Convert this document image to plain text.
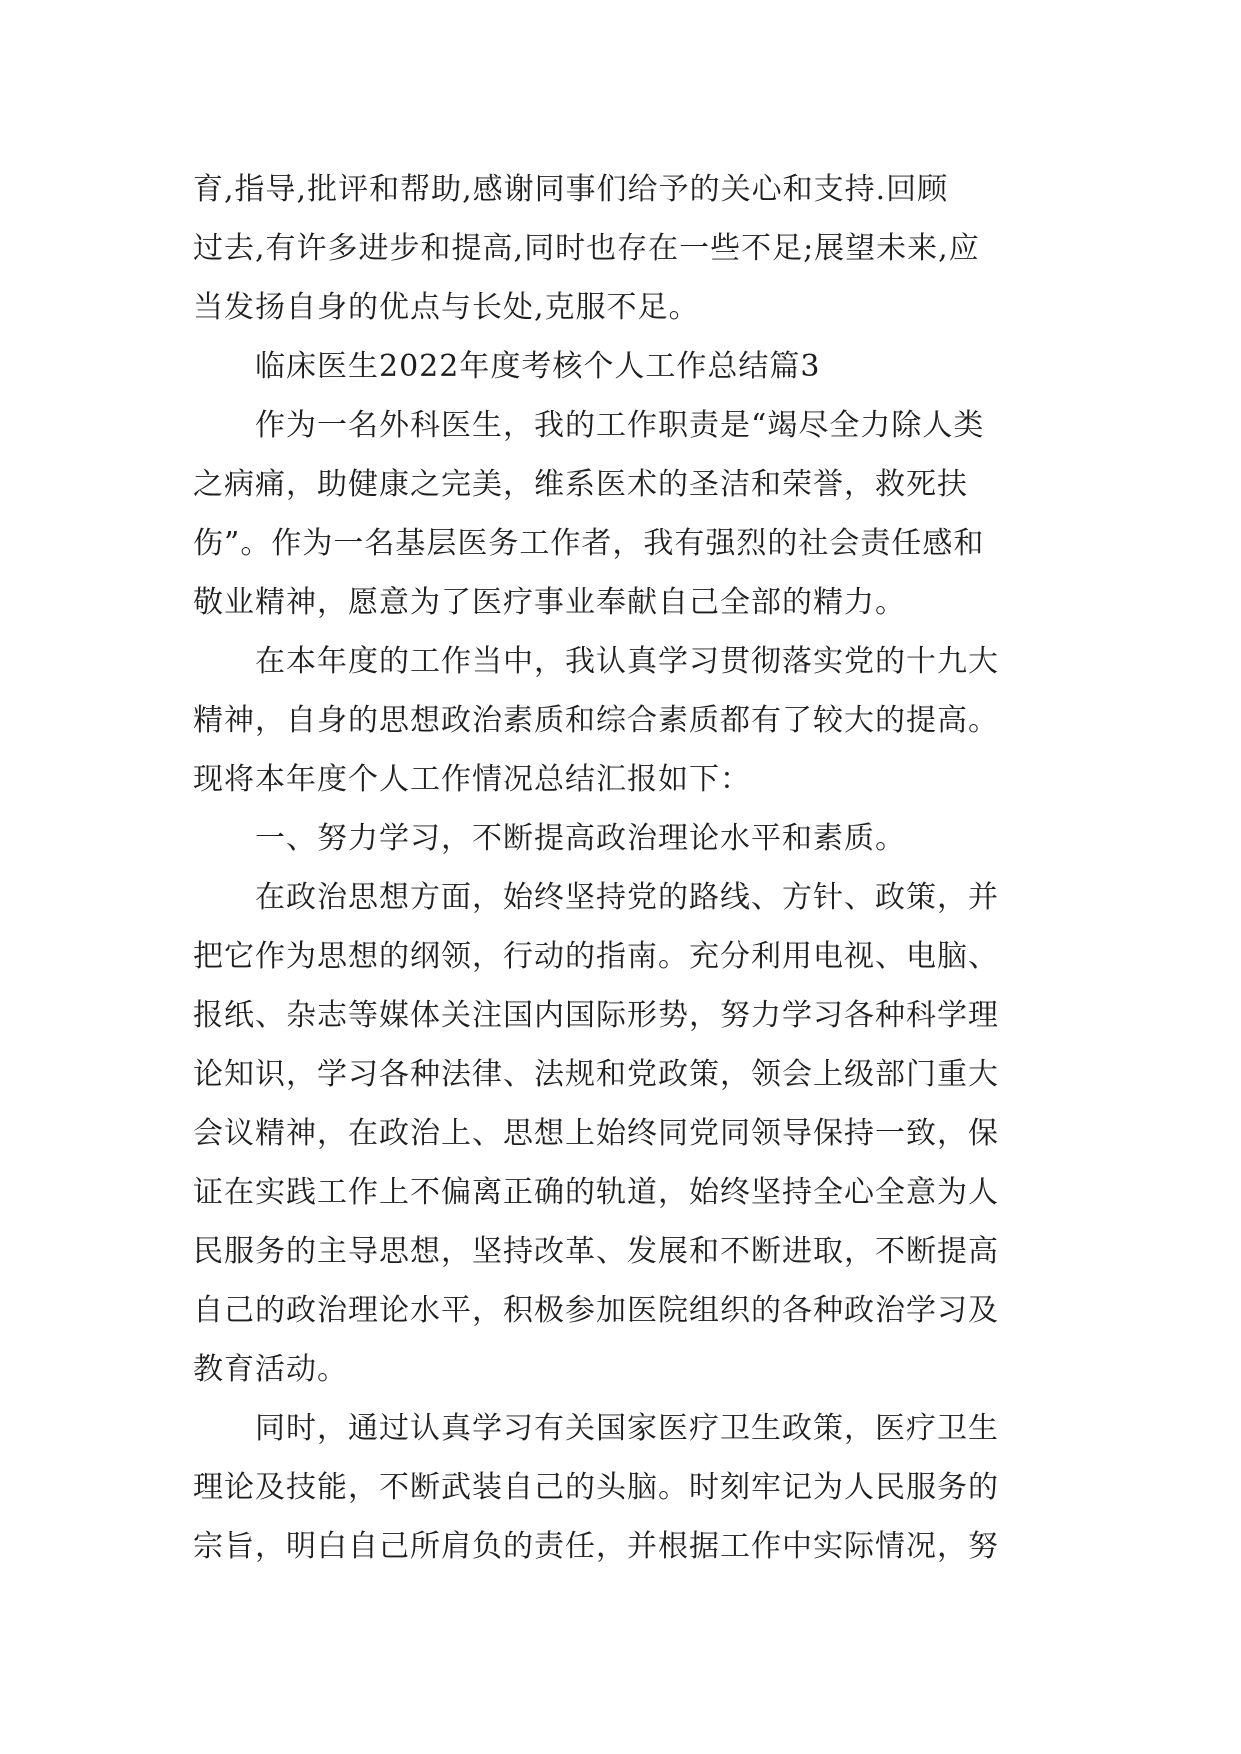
育,指导,批评和帮助,感谢同事们给予的关心和支持.回顾
过去,有许多进步和提高,同时也存在一些不足;展望未来,应
当发扬自身的优点与长处,克服不足。
临床医生2022年度考核个人工作总结篇3
作为一名外科医生，我的工作职责是“竭尽全力除人类
之病痛，助健康之完美，维系医术的圣洁和荣誉，救死扶
伤”。作为一名基层医务工作者，我有强烈的社会责任感和
敬业精神，愿意为了医疗事业奉献自己全部的精力。
在本年度的工作当中，我认真学习贯彻落实党的十九大
精神，自身的思想政治素质和综合素质都有了较大的提高。
现将本年度个人工作情况总结汇报如下：
一、努力学习，不断提高政治理论水平和素质。
在政治思想方面，始终坚持党的路线、方针、政策，并
把它作为思想的纲领，行动的指南。充分利用电视、电脑、
报纸、杂志等媒体关注国内国际形势，努力学习各种科学理
论知识，学习各种法律、法规和党政策，领会上级部门重大
会议精神，在政治上、思想上始终同党同领导保持一致，保
证在实践工作上不偏离正确的轨道，始终坚持全心全意为人
民服务的主导思想，坚持改革、发展和不断进取，不断提高
自己的政治理论水平，积极参加医院组织的各种政治学习及
教育活动。
同时，通过认真学习有关国家医疗卫生政策，医疗卫生
理论及技能，不断武装自己的头脑。时刻牢记为人民服务的
宗旨，明白自己所肩负的责任，并根据工作中实际情况，努
